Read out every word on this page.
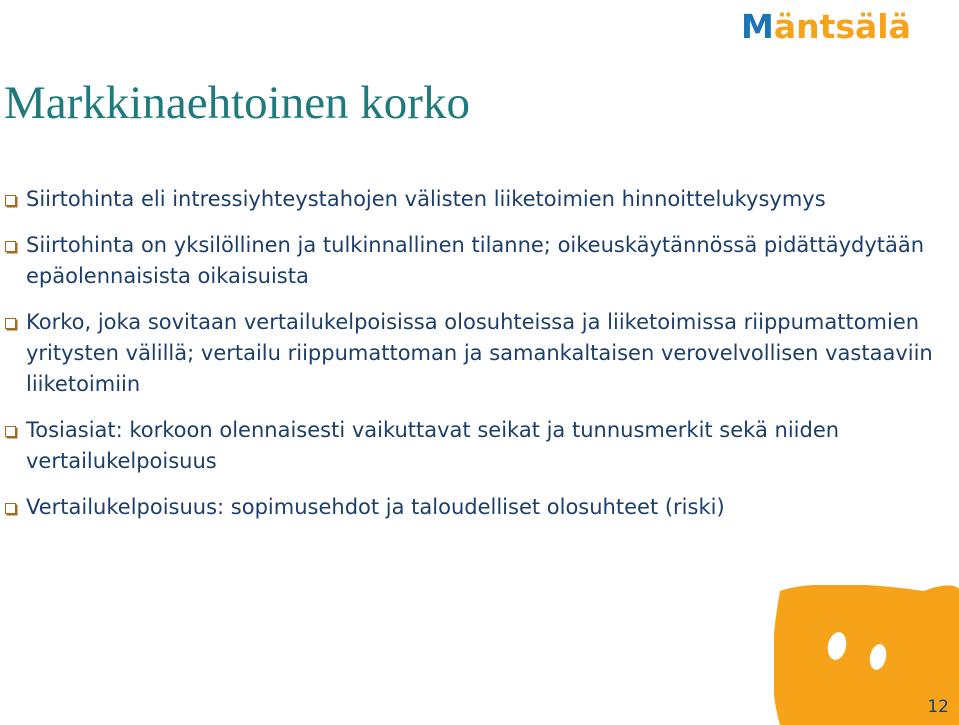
Mäntsälä
Markkinaehtoinen korko
Siirtohinta eli intressiyhteystahojen välisten liiketoimien hinnoittelukysymys
Siirtohinta on yksilöllinen ja tulkinnallinen tilanne; oikeuskäytännössä pidättäydytään epäolennaisista oikaisuista
Korko, joka sovitaan vertailukelpoisissa olosuhteissa ja liiketoimissa riippumattomien yritysten välillä; vertailu riippumattoman ja samankaltaisen verovelvollisen vastaaviin liiketoimiin
Tosiasiat: korkoon olennaisesti vaikuttavat seikat ja tunnusmerkit sekä niiden vertailukelpoisuus
Vertailukelpoisuus: sopimusehdot ja taloudelliset olosuhteet (riski)
12
